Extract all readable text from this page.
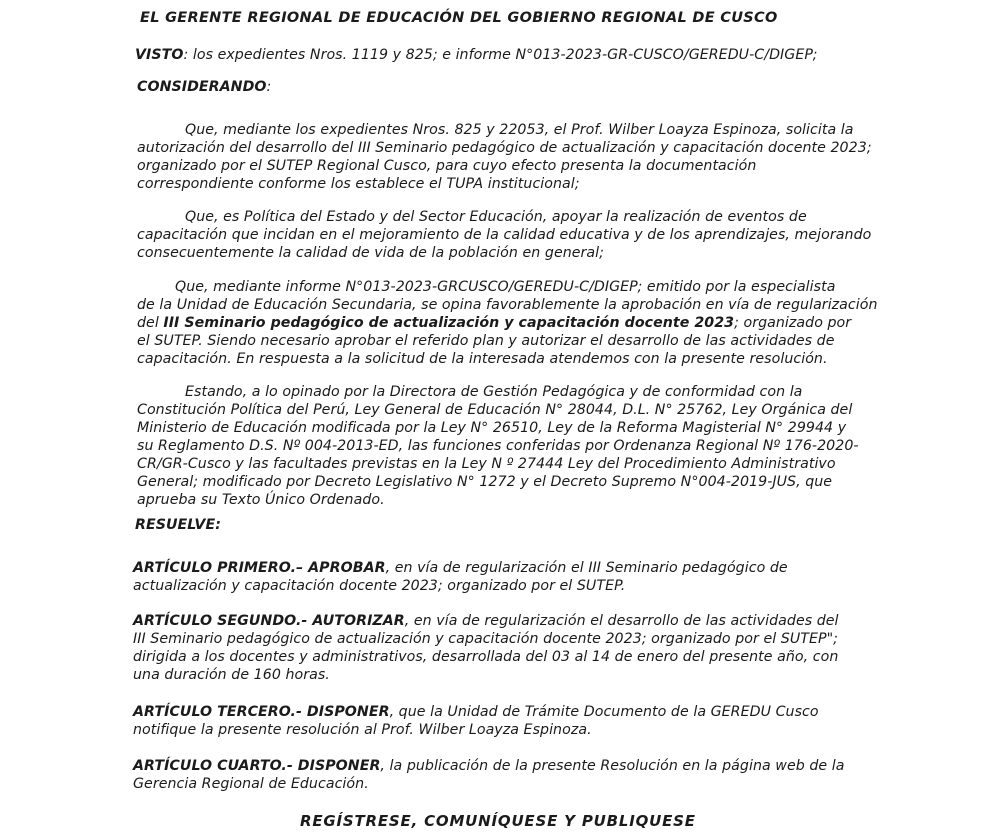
EL GERENTE REGIONAL DE EDUCACIÓN DEL GOBIERNO REGIONAL DE CUSCO
VISTO: los expedientes Nros. 1119 y 825; e informe N°013-2023-GR-CUSCO/GEREDU-C/DIGEP;
CONSIDERANDO:
Que, mediante los expedientes Nros. 825 y 22053, el Prof. Wilber Loayza Espinoza, solicita la
autorización del desarrollo del III Seminario pedagógico de actualización y capacitación docente 2023;
organizado por el SUTEP Regional Cusco, para cuyo efecto presenta la documentación
correspondiente conforme los establece el TUPA institucional;
Que, es Política del Estado y del Sector Educación, apoyar la realización de eventos de
capacitación que incidan en el mejoramiento de la calidad educativa y de los aprendizajes, mejorando
consecuentemente la calidad de vida de la población en general;
Que, mediante informe N°013-2023-GRCUSCO/GEREDU-C/DIGEP; emitido por la especialista
de la Unidad de Educación Secundaria, se opina favorablemente la aprobación en vía de regularización
del III Seminario pedagógico de actualización y capacitación docente 2023; organizado por
el SUTEP. Siendo necesario aprobar el referido plan y autorizar el desarrollo de las actividades de
capacitación. En respuesta a la solicitud de la interesada atendemos con la presente resolución.
Estando, a lo opinado por la Directora de Gestión Pedagógica y de conformidad con la
Constitución Política del Perú, Ley General de Educación N° 28044, D.L. N° 25762, Ley Orgánica del
Ministerio de Educación modificada por la Ley N° 26510, Ley de la Reforma Magisterial N° 29944 y
su Reglamento D.S. Nº 004-2013-ED, las funciones conferidas por Ordenanza Regional Nº 176-2020-
CR/GR-Cusco y las facultades previstas en la Ley N º 27444 Ley del Procedimiento Administrativo
General; modificado por Decreto Legislativo N° 1272 y el Decreto Supremo N°004-2019-JUS, que
aprueba su Texto Único Ordenado.
RESUELVE:
ARTÍCULO PRIMERO.– APROBAR, en vía de regularización el III Seminario pedagógico de
actualización y capacitación docente 2023; organizado por el SUTEP.
ARTÍCULO SEGUNDO.- AUTORIZAR, en vía de regularización el desarrollo de las actividades del
III Seminario pedagógico de actualización y capacitación docente 2023; organizado por el SUTEP";
dirigida a los docentes y administrativos, desarrollada del 03 al 14 de enero del presente año, con
una duración de 160 horas.
ARTÍCULO TERCERO.- DISPONER, que la Unidad de Trámite Documento de la GEREDU Cusco
notifique la presente resolución al Prof. Wilber Loayza Espinoza.
ARTÍCULO CUARTO.- DISPONER, la publicación de la presente Resolución en la página web de la
Gerencia Regional de Educación.
REGÍSTRESE, COMUNÍQUESE Y PUBLIQUESE
